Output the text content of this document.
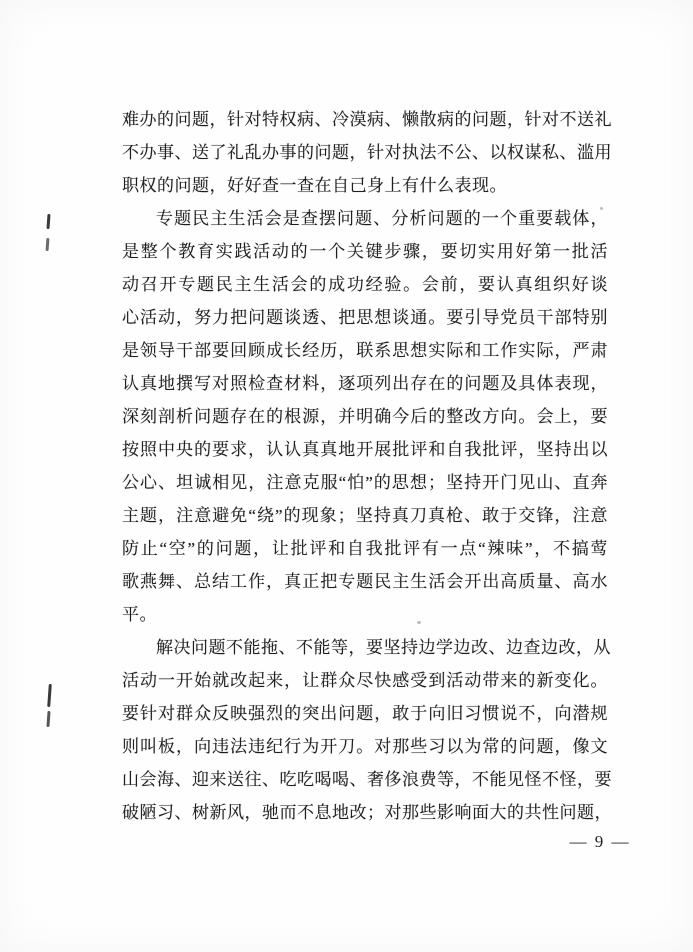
难办的问题，针对特权病、冷漠病、懒散病的问题，针对不送礼
不办事、送了礼乱办事的问题，针对执法不公、以权谋私、滥用
职权的问题，好好查一查在自己身上有什么表现。
专题民主生活会是查摆问题、分析问题的一个重要载体，
是整个教育实践活动的一个关键步骤，要切实用好第一批活
动召开专题民主生活会的成功经验。会前，要认真组织好谈
心活动，努力把问题谈透、把思想谈通。要引导党员干部特别
是领导干部要回顾成长经历，联系思想实际和工作实际，严肃
认真地撰写对照检查材料，逐项列出存在的问题及具体表现，
深刻剖析问题存在的根源，并明确今后的整改方向。会上，要
按照中央的要求，认认真真地开展批评和自我批评，坚持出以
公心、坦诚相见，注意克服“怕”的思想；坚持开门见山、直奔
主题，注意避免“绕”的现象；坚持真刀真枪、敢于交锋，注意
防止“空”的问题，让批评和自我批评有一点“辣味”，不搞莺
歌燕舞、总结工作，真正把专题民主生活会开出高质量、高水
平。
解决问题不能拖、不能等，要坚持边学边改、边查边改，从
活动一开始就改起来，让群众尽快感受到活动带来的新变化。
要针对群众反映强烈的突出问题，敢于向旧习惯说不，向潜规
则叫板，向违法违纪行为开刀。对那些习以为常的问题，像文
山会海、迎来送往、吃吃喝喝、奢侈浪费等，不能见怪不怪，要
破陋习、树新风，驰而不息地改；对那些影响面大的共性问题，
— 9 —
